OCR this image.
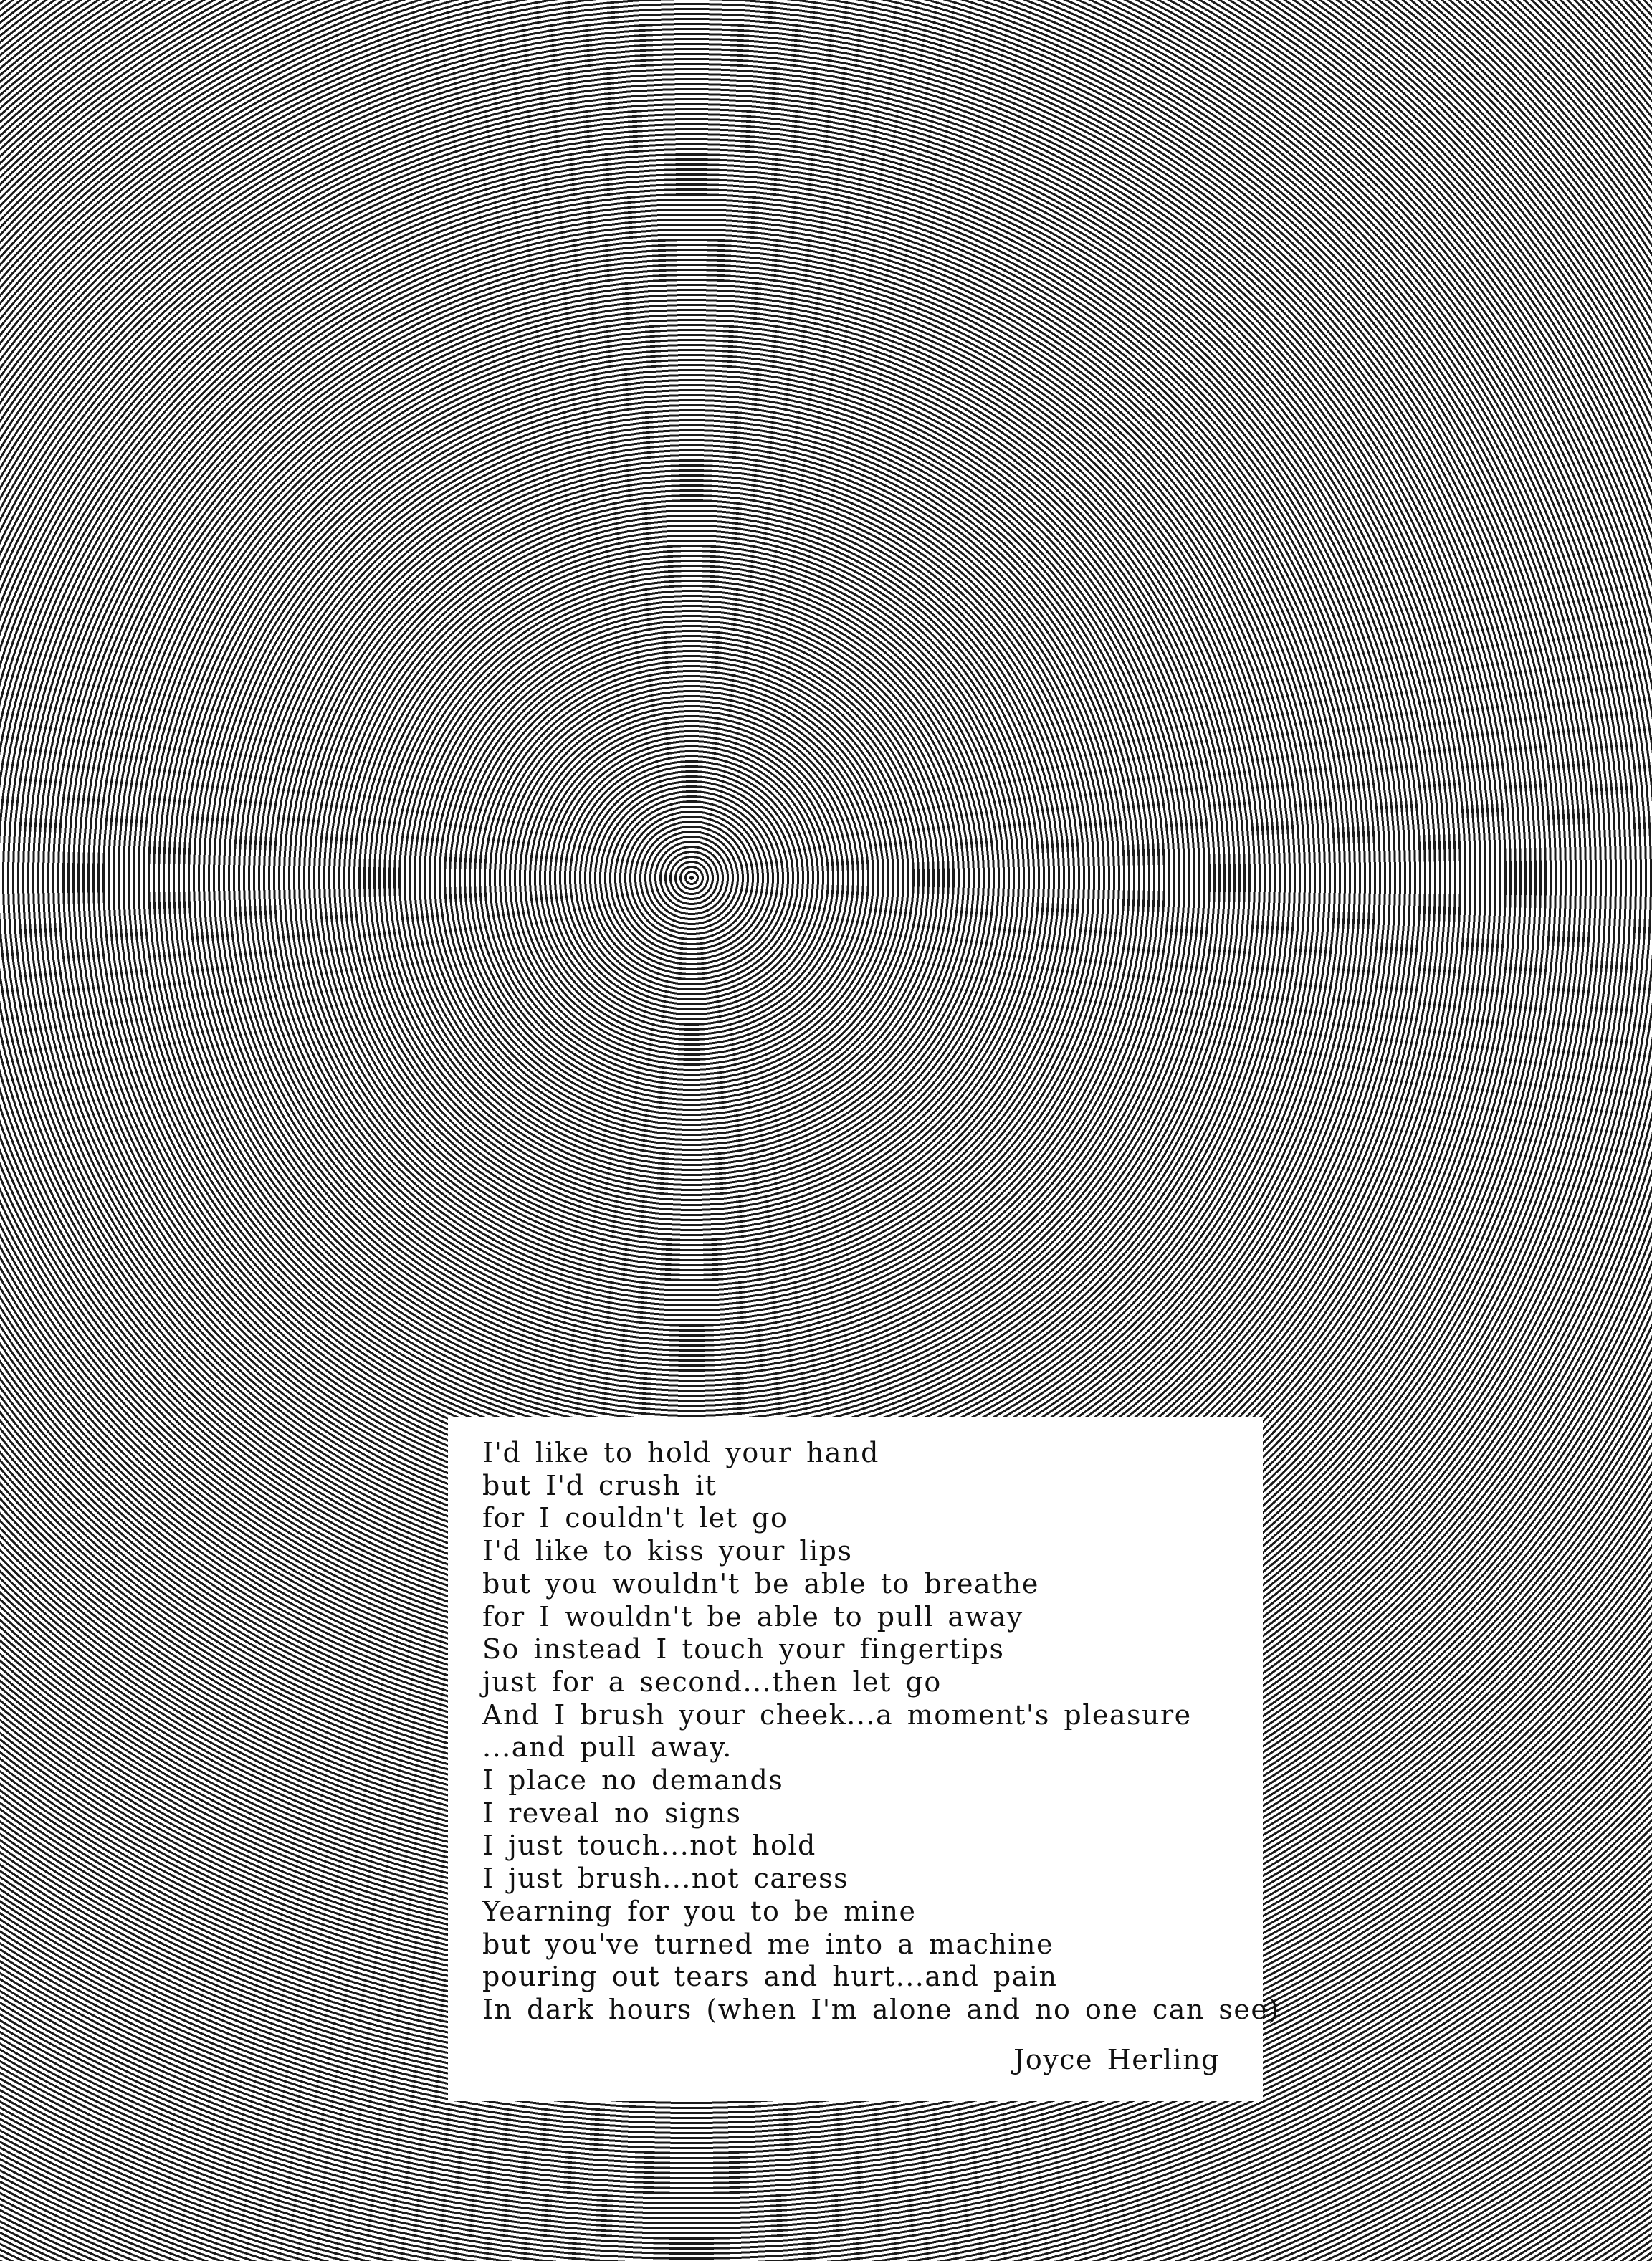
I'd like to hold your hand
but I'd crush it
for I couldn't let go
I'd like to kiss your lips
but you wouldn't be able to breathe
for I wouldn't be able to pull away
So instead I touch your fingertips
just for a second...then let go
And I brush your cheek...a moment's pleasure
...and pull away.
I place no demands
I reveal no signs
I just touch...not hold
I just brush...not caress
Yearning for you to be mine
but you've turned me into a machine
pouring out tears and hurt...and pain
In dark hours (when I'm alone and no one can see)
Joyce Herling
